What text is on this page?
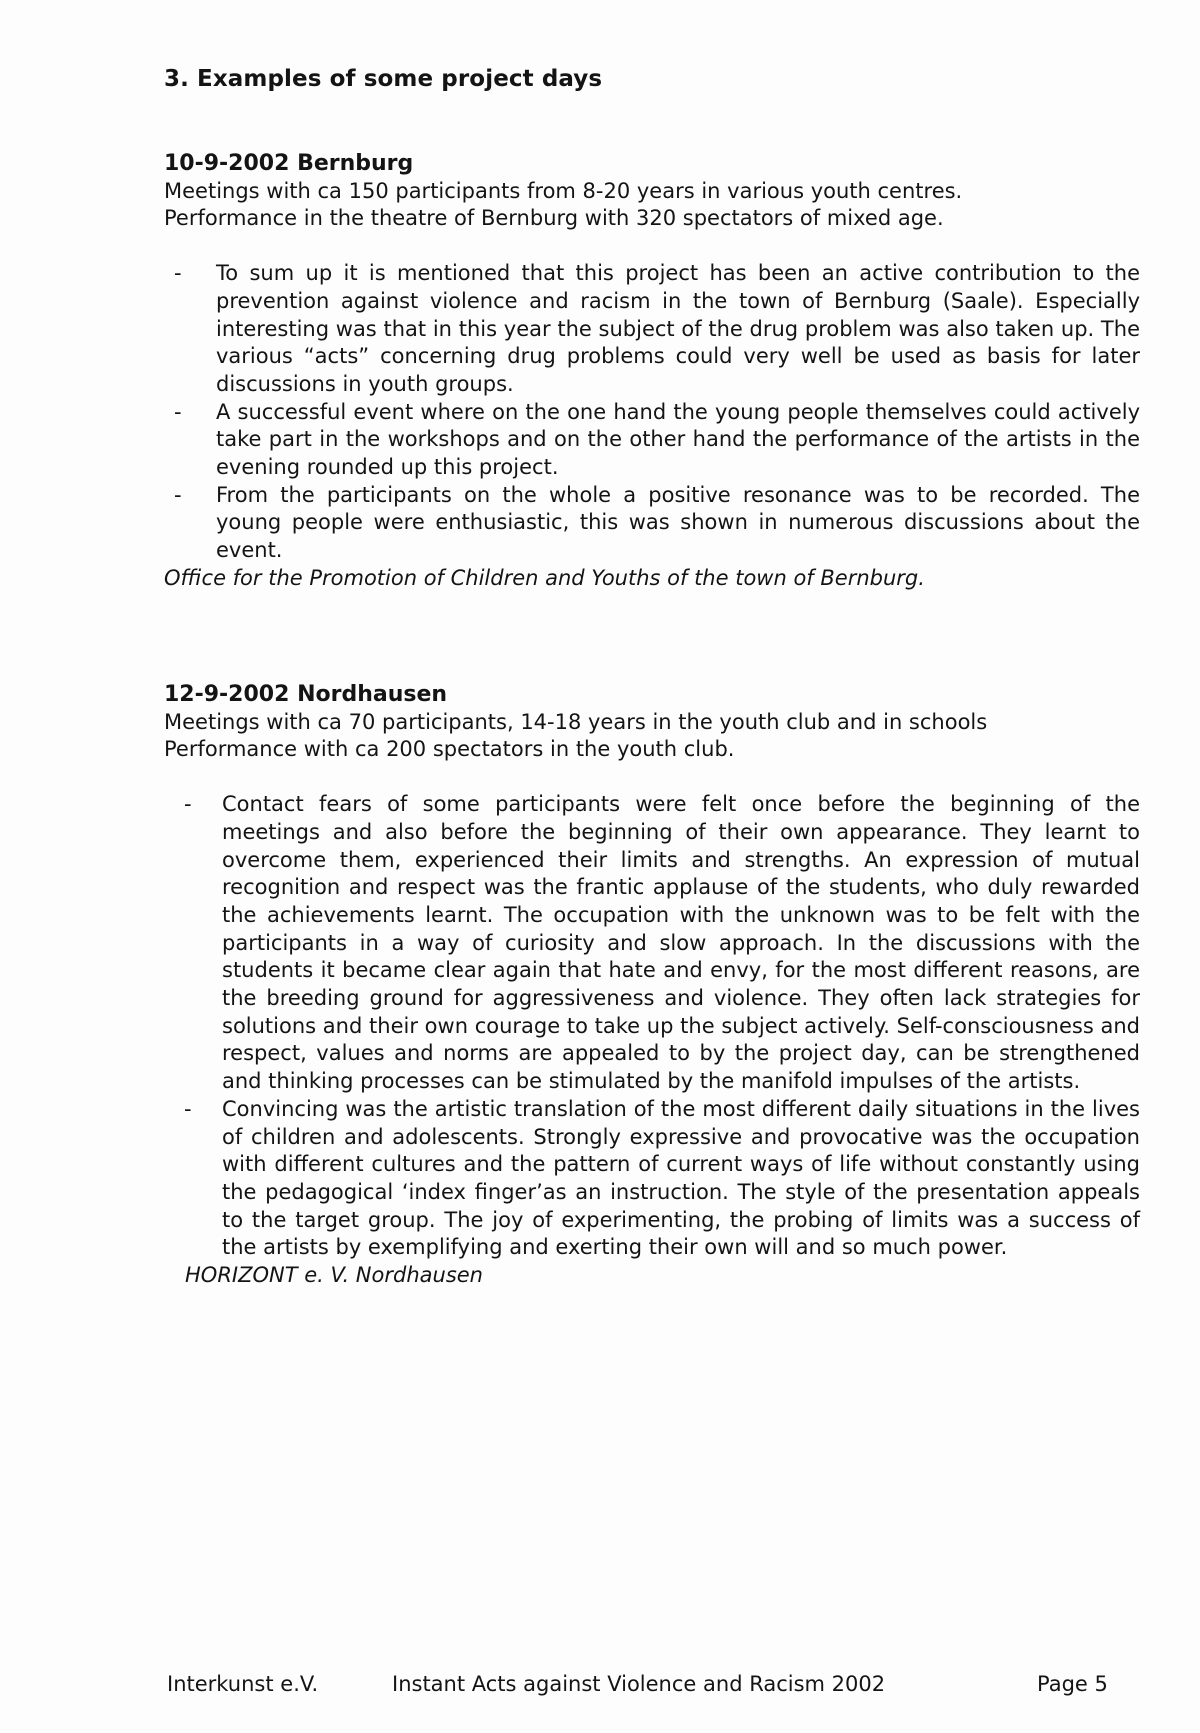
3. Examples of some project days
10-9-2002 Bernburg
Meetings with ca 150 participants from 8-20 years in various youth centres.
Performance in the theatre of Bernburg with 320 spectators of mixed age.
- To sum up it is mentioned that this project has been an active contribution to the prevention against violence and racism in the town of Bernburg (Saale). Especially interesting was that in this year the subject of the drug problem was also taken up. The various “acts” concerning drug problems could very well be used as basis for later discussions in youth groups.
- A successful event where on the one hand the young people themselves could actively take part in the workshops and on the other hand the performance of the artists in the evening rounded up this project.
- From the participants on the whole a positive resonance was to be recorded. The young people were enthusiastic, this was shown in numerous discussions about the event.
Office for the Promotion of Children and Youths of the town of Bernburg.
12-9-2002 Nordhausen
Meetings with ca 70 participants, 14-18 years in the youth club and in schools
Performance with ca 200 spectators in the youth club.
- Contact fears of some participants were felt once before the beginning of the meetings and also before the beginning of their own appearance. They learnt to overcome them, experienced their limits and strengths. An expression of mutual recognition and respect was the frantic applause of the students, who duly rewarded the achievements learnt. The occupation with the unknown was to be felt with the participants in a way of curiosity and slow approach. In the discussions with the students it became clear again that hate and envy, for the most different reasons, are the breeding ground for aggressiveness and violence. They often lack strategies for solutions and their own courage to take up the subject actively. Self-consciousness and respect, values and norms are appealed to by the project day, can be strengthened and thinking processes can be stimulated by the manifold impulses of the artists.
- Convincing was the artistic translation of the most different daily situations in the lives of children and adolescents. Strongly expressive and provocative was the occupation with different cultures and the pattern of current ways of life without constantly using the pedagogical ‘index finger’as an instruction. The style of the presentation appeals to the target group. The joy of experimenting, the probing of limits was a success of the artists by exemplifying and exerting their own will and so much power.
HORIZONT e. V. Nordhausen
Interkunst e.V.	Instant Acts against Violence and Racism 2002	Page 5
